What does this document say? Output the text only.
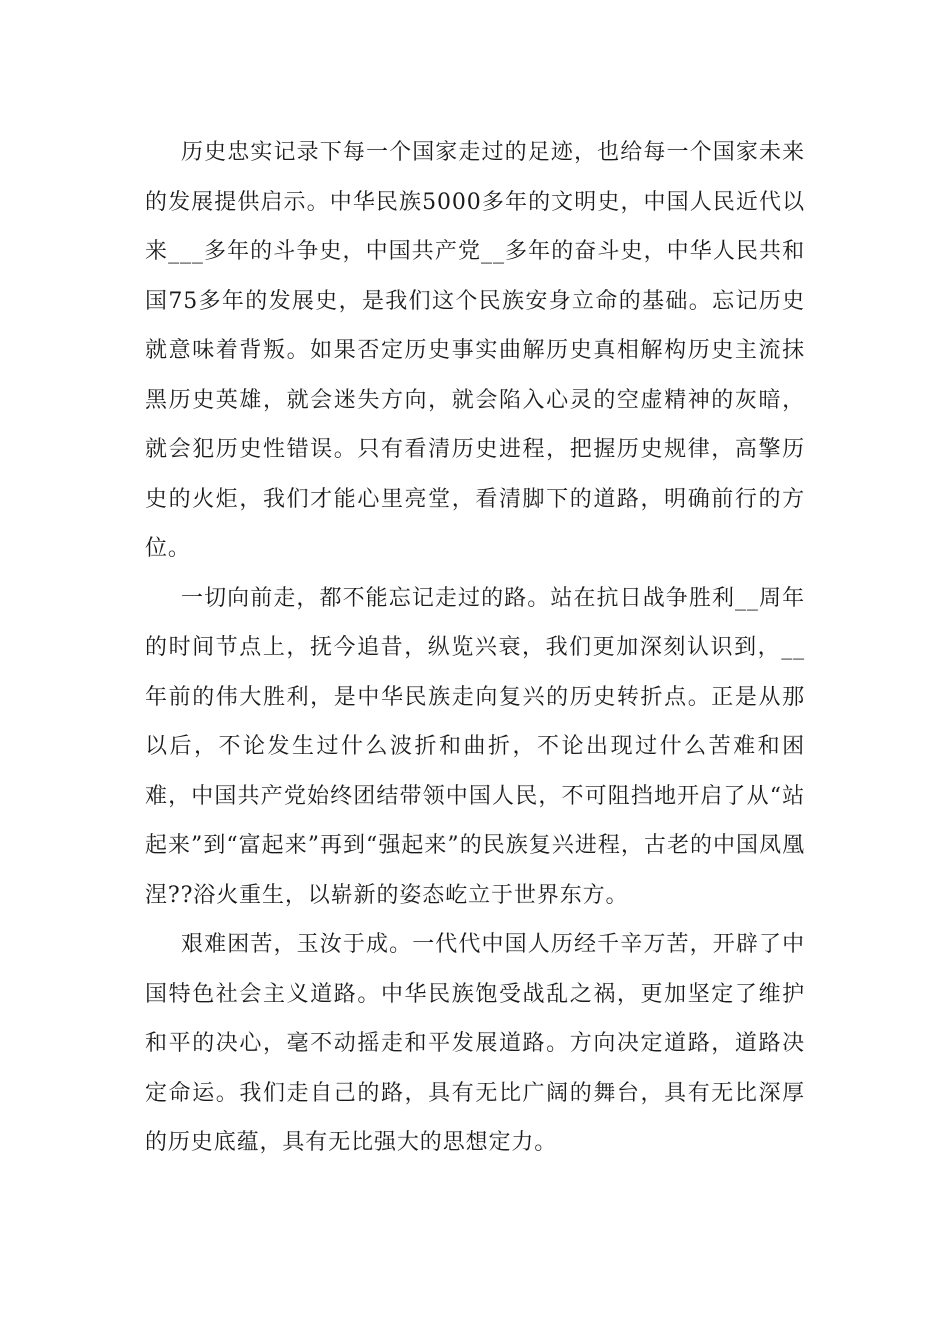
历史忠实记录下每一个国家走过的足迹，也给每一个国家未来的发展提供启示。中华民族5000多年的文明史，中国人民近代以来___多年的斗争史，中国共产党__多年的奋斗史，中华人民共和国75多年的发展史，是我们这个民族安身立命的基础。忘记历史就意味着背叛。如果否定历史事实曲解历史真相解构历史主流抹黑历史英雄，就会迷失方向，就会陷入心灵的空虚精神的灰暗，就会犯历史性错误。只有看清历史进程，把握历史规律，高擎历史的火炬，我们才能心里亮堂，看清脚下的道路，明确前行的方位。

一切向前走，都不能忘记走过的路。站在抗日战争胜利__周年的时间节点上，抚今追昔，纵览兴衰，我们更加深刻认识到，__年前的伟大胜利，是中华民族走向复兴的历史转折点。正是从那以后，不论发生过什么波折和曲折，不论出现过什么苦难和困难，中国共产党始终团结带领中国人民，不可阻挡地开启了从“站起来”到“富起来”再到“强起来”的民族复兴进程，古老的中国凤凰涅??浴火重生，以崭新的姿态屹立于世界东方。

艰难困苦，玉汝于成。一代代中国人历经千辛万苦，开辟了中国特色社会主义道路。中华民族饱受战乱之祸，更加坚定了维护和平的决心，毫不动摇走和平发展道路。方向决定道路，道路决定命运。我们走自己的路，具有无比广阔的舞台，具有无比深厚的历史底蕴，具有无比强大的思想定力。
